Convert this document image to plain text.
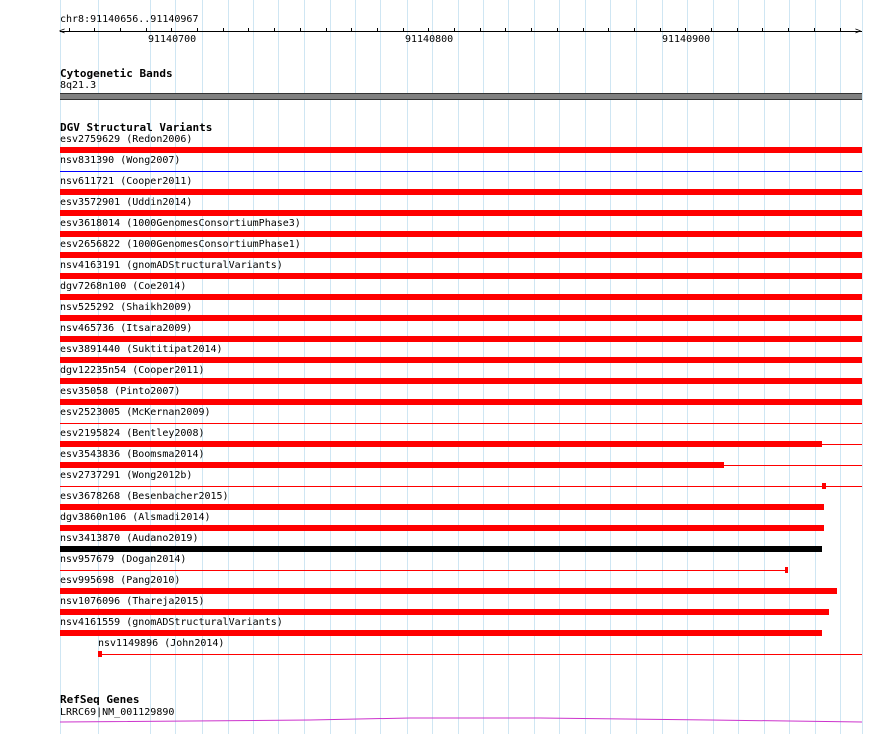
chr8:91140656..91140967
<	>
91140700	91140800	91140900
Cytogenetic Bands
8q21.3
DGV Structural Variants
esv2759629 (Redon2006)
nsv831390 (Wong2007)
nsv611721 (Cooper2011)
esv3572901 (Uddin2014)
esv3618014 (1000GenomesConsortiumPhase3)
esv2656822 (1000GenomesConsortiumPhase1)
nsv4163191 (gnomADStructuralVariants)
dgv7268n100 (Coe2014)
nsv525292 (Shaikh2009)
nsv465736 (Itsara2009)
esv3891440 (Suktitipat2014)
dgv12235n54 (Cooper2011)
esv35058 (Pinto2007)
esv2523005 (McKernan2009)
esv2195824 (Bentley2008)
esv3543836 (Boomsma2014)
esv2737291 (Wong2012b)
esv3678268 (Besenbacher2015)
dgv3860n106 (Alsmadi2014)
nsv3413870 (Audano2019)
nsv957679 (Dogan2014)
esv995698 (Pang2010)
nsv1076096 (Thareja2015)
nsv4161559 (gnomADStructuralVariants)
nsv1149896 (John2014)
RefSeq Genes
LRRC69|NM_001129890
